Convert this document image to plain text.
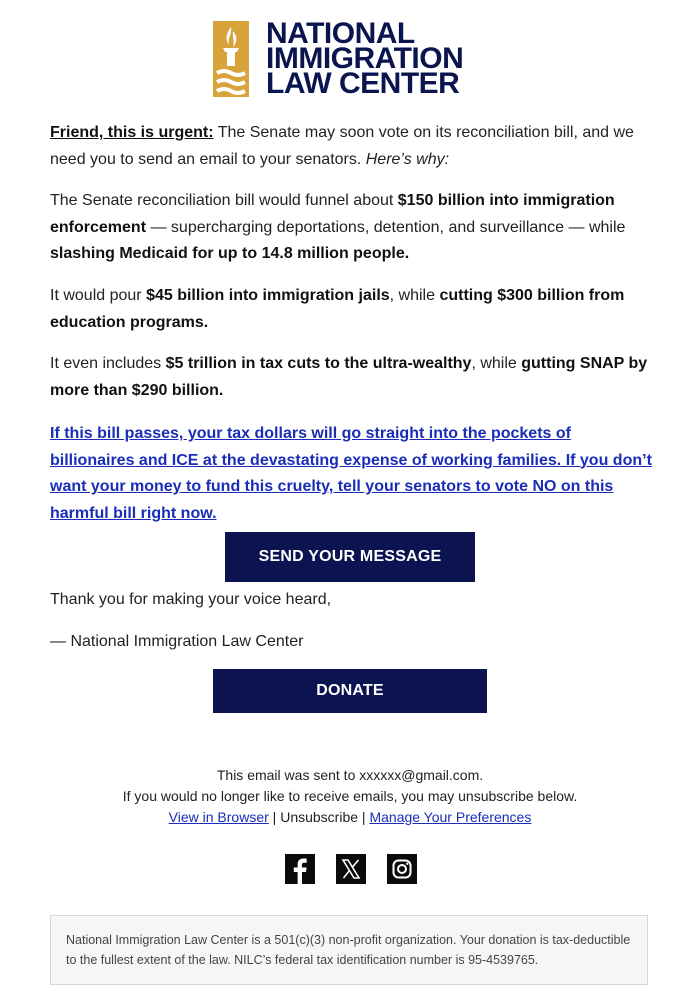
NATIONAL
IMMIGRATION
LAW CENTER

Friend, this is urgent: The Senate may soon vote on its reconciliation bill, and we need you to send an email to your senators. Here’s why:

The Senate reconciliation bill would funnel about $150 billion into immigration enforcement — supercharging deportations, detention, and surveillance — while slashing Medicaid for up to 14.8 million people.

It would pour $45 billion into immigration jails, while cutting $300 billion from education programs.

It even includes $5 trillion in tax cuts to the ultra-wealthy, while gutting SNAP by more than $290 billion.

If this bill passes, your tax dollars will go straight into the pockets of billionaires and ICE at the devastating expense of working families. If you don’t want your money to fund this cruelty, tell your senators to vote NO on this harmful bill right now.
SEND YOUR MESSAGE
Thank you for making your voice heard,
— National Immigration Law Center
DONATE
This email was sent to xxxxxx@gmail.com.
If you would no longer like to receive emails, you may unsubscribe below.
View in Browser | Unsubscribe | Manage Your Preferences
National Immigration Law Center is a 501(c)(3) non-profit organization. Your donation is tax-deductible to the fullest extent of the law. NILC’s federal tax identification number is 95-4539765.
